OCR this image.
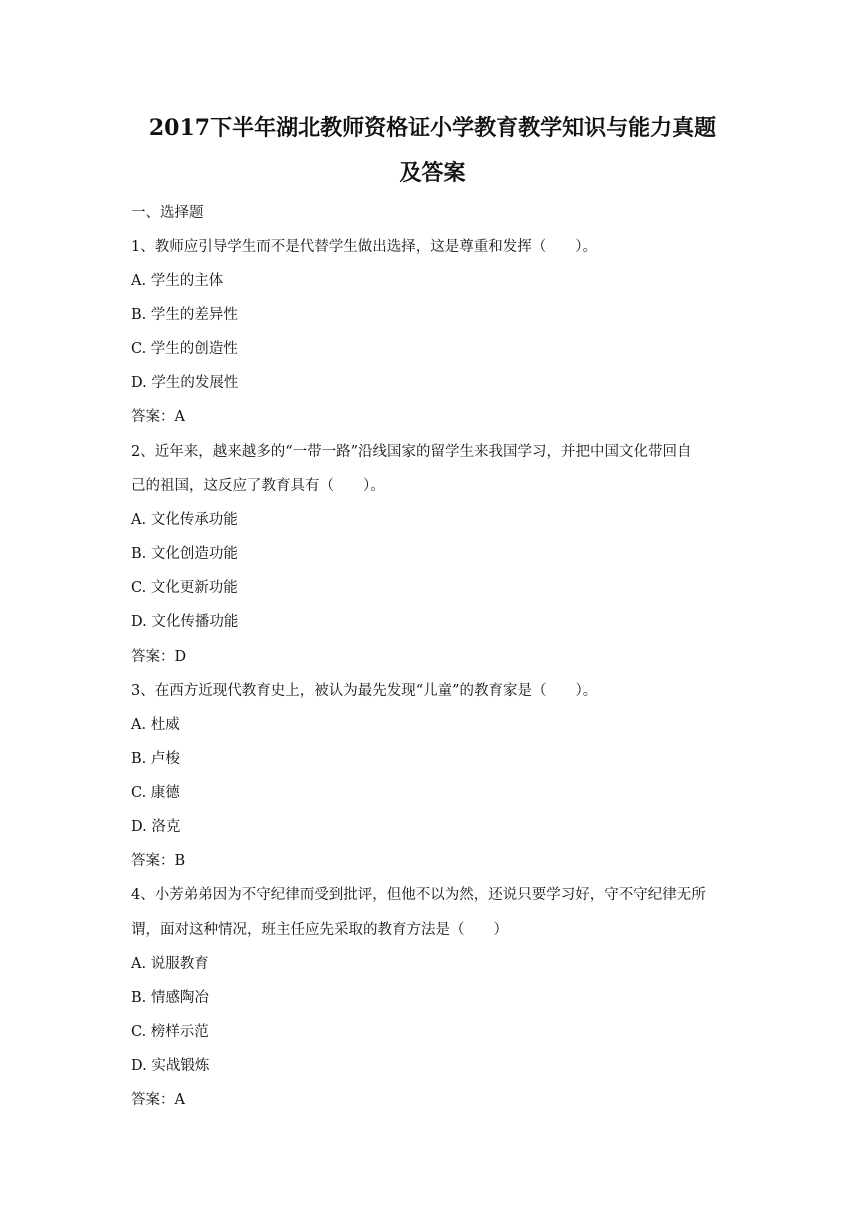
2017下半年湖北教师资格证小学教育教学知识与能力真题
及答案
一、选择题
1、教师应引导学生而不是代替学生做出选择，这是尊重和发挥（　　）。
A. 学生的主体
B. 学生的差异性
C. 学生的创造性
D. 学生的发展性
答案：A
2、近年来，越来越多的“一带一路”沿线国家的留学生来我国学习，并把中国文化带回自
己的祖国，这反应了教育具有（　　）。
A. 文化传承功能
B. 文化创造功能
C. 文化更新功能
D. 文化传播功能
答案：D
3、在西方近现代教育史上，被认为最先发现“儿童”的教育家是（　　）。
A. 杜威
B. 卢梭
C. 康德
D. 洛克
答案：B
4、小芳弟弟因为不守纪律而受到批评，但他不以为然，还说只要学习好，守不守纪律无所
谓，面对这种情况，班主任应先采取的教育方法是（　　）
A. 说服教育
B. 情感陶冶
C. 榜样示范
D. 实战锻炼
答案：A
